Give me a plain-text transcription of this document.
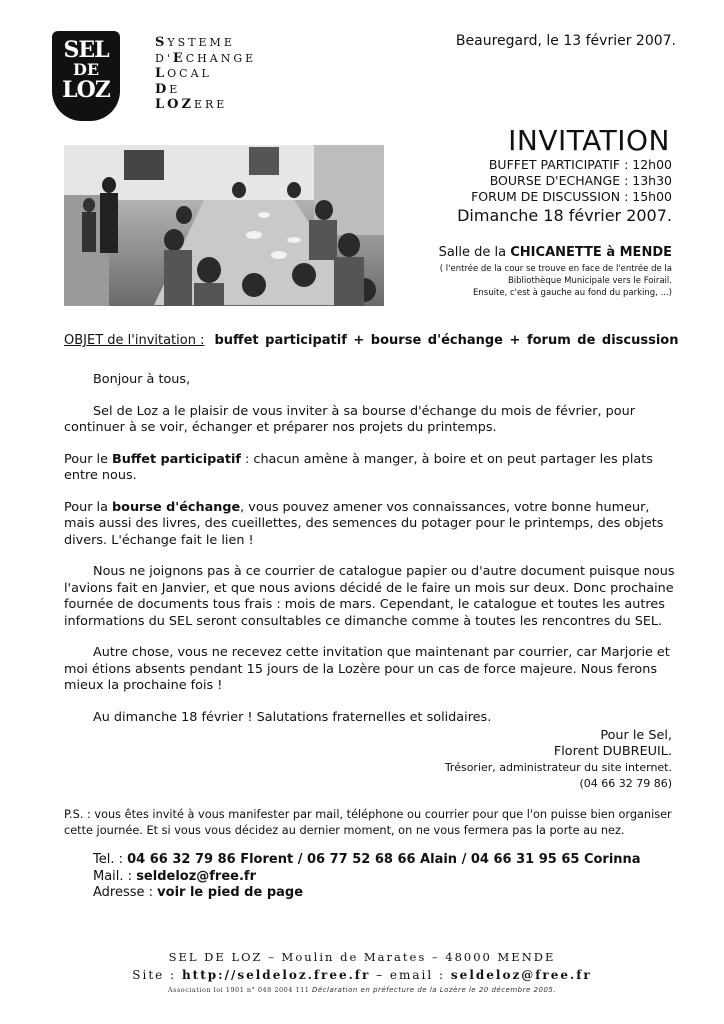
SEL
DE
LOZ
SYSTEME
D'ECHANGE
LOCAL
DE
LOZERE
Beauregard, le 13 février 2007.
INVITATION
BUFFET PARTICIPATIF : 12h00
BOURSE D'ECHANGE : 13h30
FORUM DE DISCUSSION : 15h00
Dimanche 18 février 2007.
Salle de la CHICANETTE à MENDE
( l'entrée de la cour se trouve en face de l'entrée de la
Bibliothèque Municipale vers le Foirail.
Ensuite, c'est à gauche au fond du parking, ...)
OBJET de l'invitation : buffet participatif + bourse d'échange + forum de discussion

Bonjour à tous,

Sel de Loz a le plaisir de vous inviter à sa bourse d'échange du mois de février, pour continuer à se voir, échanger et préparer nos projets du printemps.

Pour le Buffet participatif : chacun amène à manger, à boire et on peut partager les plats entre nous.

Pour la bourse d'échange, vous pouvez amener vos connaissances, votre bonne humeur, mais aussi des livres, des cueillettes, des semences du potager pour le printemps, des objets divers. L'échange fait le lien !

Nous ne joignons pas à ce courrier de catalogue papier ou d'autre document puisque nous l'avions fait en Janvier, et que nous avions décidé de le faire un mois sur deux. Donc prochaine fournée de documents tous frais : mois de mars. Cependant, le catalogue et toutes les autres informations du SEL seront consultables ce dimanche comme à toutes les rencontres du SEL.

Autre chose, vous ne recevez cette invitation que maintenant par courrier, car Marjorie et moi étions absents pendant 15 jours de la Lozère pour un cas de force majeure. Nous ferons mieux la prochaine fois !

Au dimanche 18 février ! Salutations fraternelles et solidaires.

Pour le Sel,
Florent DUBREUIL.
Trésorier, administrateur du site internet.
(04 66 32 79 86)
P.S. : vous êtes invité à vous manifester par mail, téléphone ou courrier pour que l'on puisse bien organiser cette journée. Et si vous vous décidez au dernier moment, on ne vous fermera pas la porte au nez.
Tel. : 04 66 32 79 86 Florent / 06 77 52 68 66 Alain / 04 66 31 95 65 Corinna
Mail. : seldeloz@free.fr
Adresse : voir le pied de page
SEL DE LOZ – Moulin de Marates – 48000 MENDE
Site : http://seldeloz.free.fr – email : seldeloz@free.fr
Association loi 1901 n° 048 2004 111 Déclaration en préfecture de la Lozère le 20 décembre 2005.
